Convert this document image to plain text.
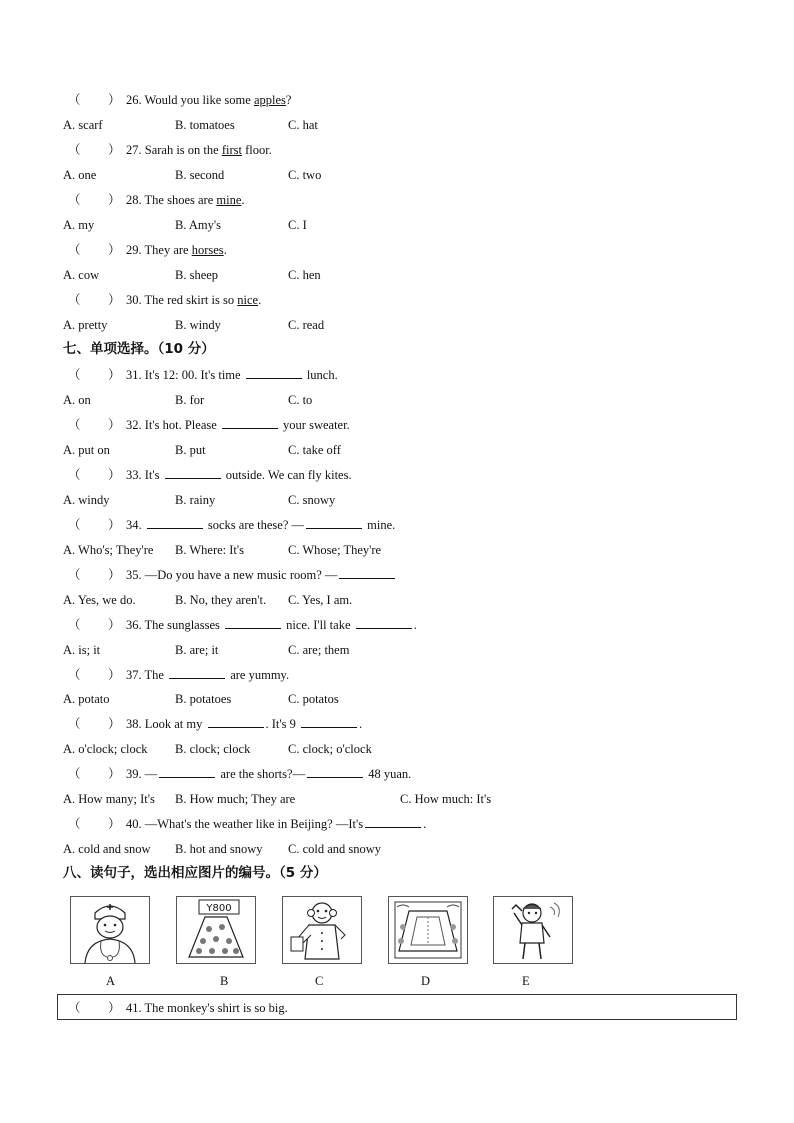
（ ） 26. Would you like some apples?
A. scarf	B. tomatoes	C. hat
（ ） 27. Sarah is on the first floor.
A. one	B. second	C. two
（ ） 28. The shoes are mine.
A. my	B. Amy's	C. I
（ ） 29. They are horses.
A. cow	B. sheep	C. hen
（ ） 30. The red skirt is so nice.
A. pretty	B. windy	C. read
七、单项选择。（10 分）
（ ） 31. It's 12: 00. It's time	lunch.
A. on	B. for	C. to
（ ） 32. It's hot. Please	your sweater.
A. put on	B. put	C. take off
（ ） 33. It's	outside. We can fly kites.
A. windy	B. rainy	C. snowy
（ ） 34.	socks are these? —	mine.
A. Who's; They're B. Where: It's	C. Whose; They're
（ ） 35. —Do you have a new music room? —
A. Yes, we do.	B. No, they aren't. C. Yes, I am.
（ ） 36. The sunglasses	nice. I'll take	.
A. is; it	B. are; it	C. are; them
（ ） 37. The	are yummy.
A. potato	B. potatoes	C. potatos
（ ） 38. Look at my	. It's 9	.
A. o'clock; clock B. clock; clock	C. clock; o'clock
（ ） 39. —	are the shorts?—	48 yuan.
A. How many; It's B. How much; They are	C. How much: It's
（ ） 40. —What's the weather like in Beijing? —It's	.
A. cold and snow B. hot and snowy C. cold and snowy
八、读句子，选出相应图片的编号。（5 分）
Y800
A	B	C	D	E
（ ） 41. The monkey's shirt is so big.
